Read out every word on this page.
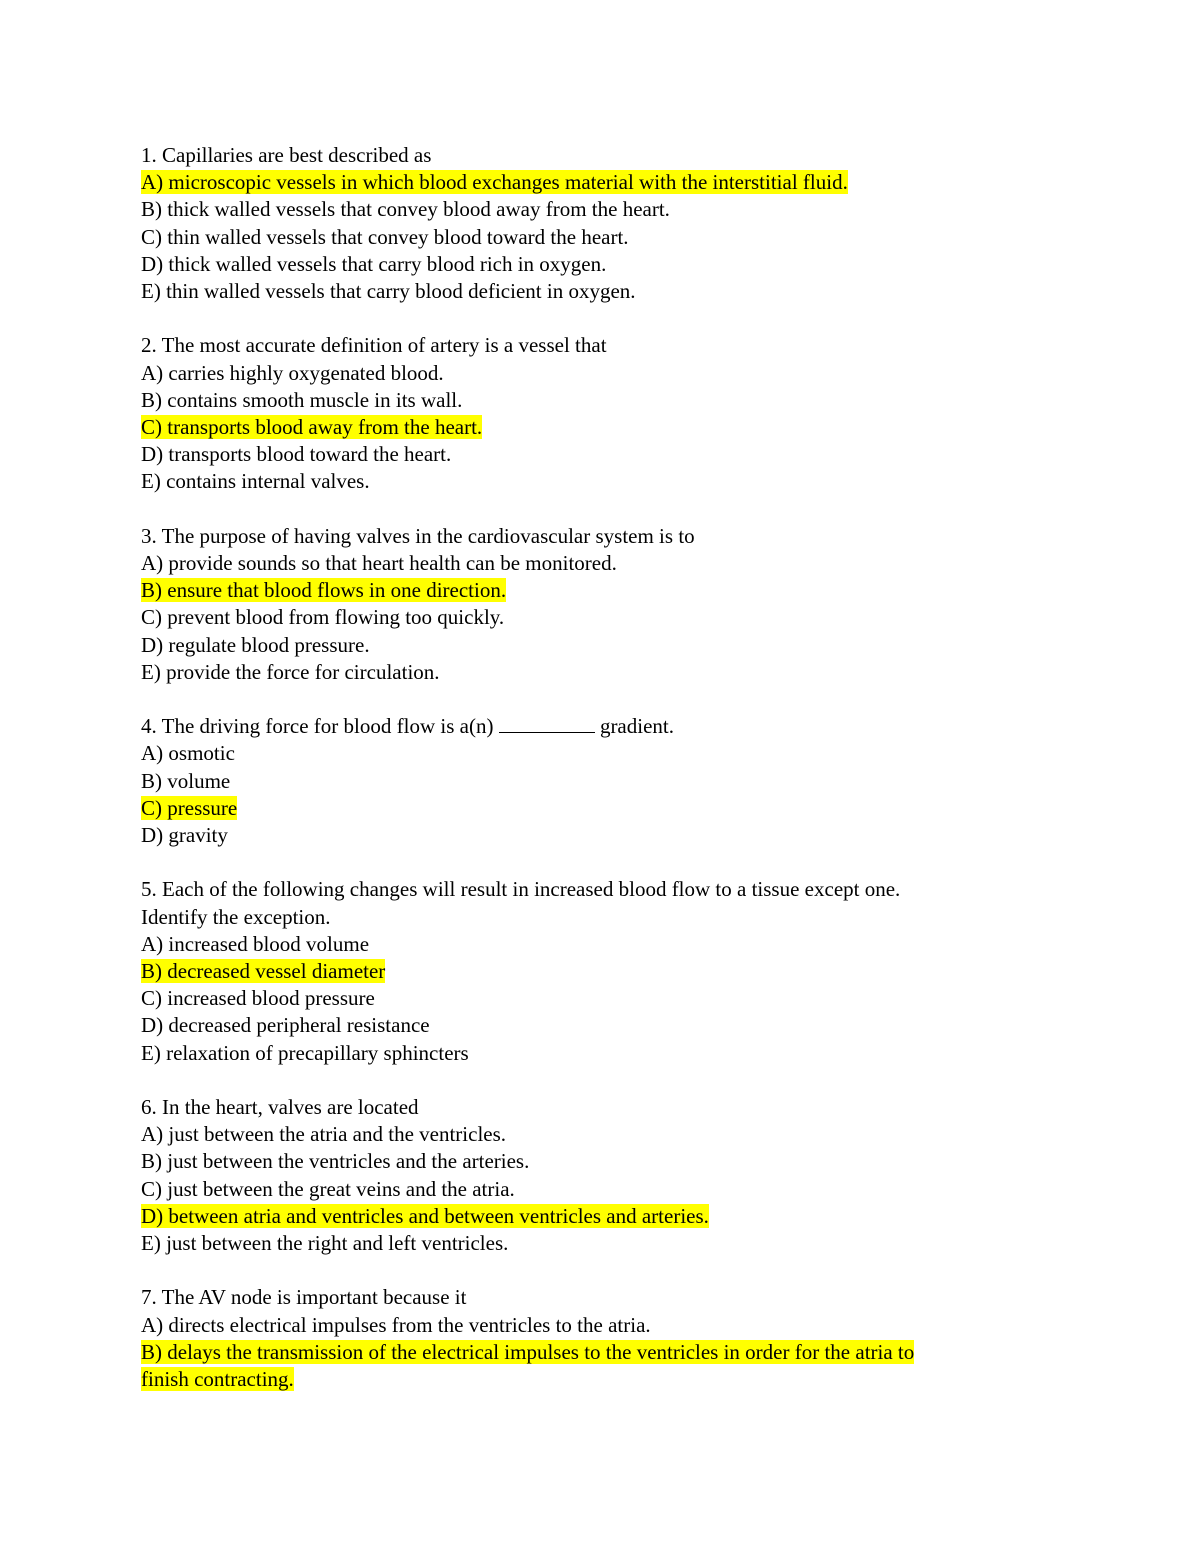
1. Capillaries are best described as
A) microscopic vessels in which blood exchanges material with the interstitial fluid.
B) thick walled vessels that convey blood away from the heart.
C) thin walled vessels that convey blood toward the heart.
D) thick walled vessels that carry blood rich in oxygen.
E) thin walled vessels that carry blood deficient in oxygen.
2. The most accurate definition of artery is a vessel that
A) carries highly oxygenated blood.
B) contains smooth muscle in its wall.
C) transports blood away from the heart.
D) transports blood toward the heart.
E) contains internal valves.
3. The purpose of having valves in the cardiovascular system is to
A) provide sounds so that heart health can be monitored.
B) ensure that blood flows in one direction.
C) prevent blood from flowing too quickly.
D) regulate blood pressure.
E) provide the force for circulation.
4. The driving force for blood flow is a(n)	gradient.
A) osmotic
B) volume
C) pressure
D) gravity
5. Each of the following changes will result in increased blood flow to a tissue except one.
Identify the exception.
A) increased blood volume
B) decreased vessel diameter
C) increased blood pressure
D) decreased peripheral resistance
E) relaxation of precapillary sphincters
6. In the heart, valves are located
A) just between the atria and the ventricles.
B) just between the ventricles and the arteries.
C) just between the great veins and the atria.
D) between atria and ventricles and between ventricles and arteries.
E) just between the right and left ventricles.
7. The AV node is important because it
A) directs electrical impulses from the ventricles to the atria.
B) delays the transmission of the electrical impulses to the ventricles in order for the atria to
finish contracting.
